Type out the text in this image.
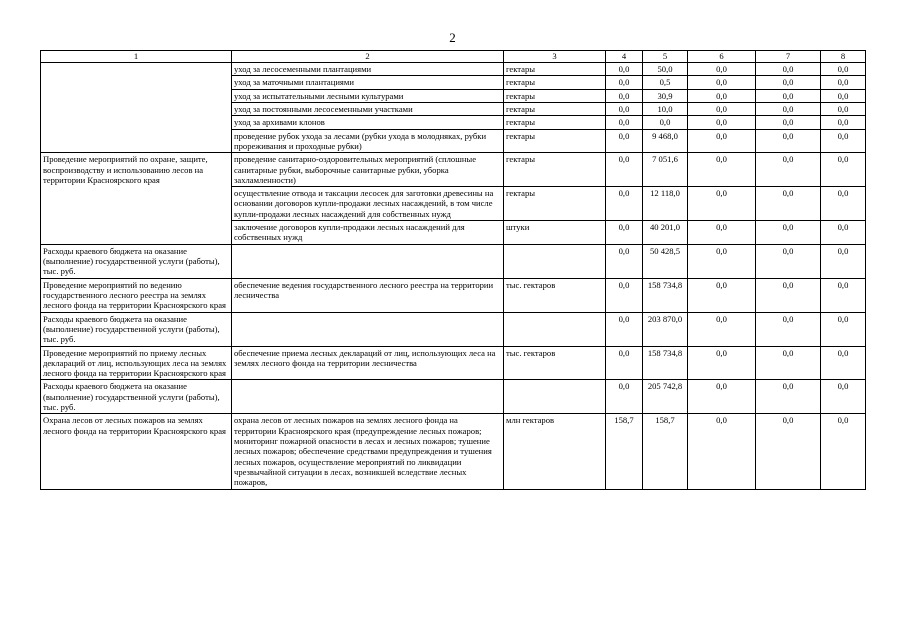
2
1	2	3	4	5	6	7	8
	уход за лесосеменными плантациями	гектары	0,0	50,0	0,0	0,0	0,0
	уход за маточными плантациями	гектары	0,0	0,5	0,0	0,0	0,0
	уход за испытательными лесными культурами	гектары	0,0	30,9	0,0	0,0	0,0
	уход за постоянными лесосеменными участками	гектары	0,0	10,0	0,0	0,0	0,0
	уход за архивами клонов	гектары	0,0	0,0	0,0	0,0	0,0
	проведение рубок ухода за лесами (рубки ухода в молодняках, рубки прореживания и проходные рубки)	гектары	0,0	9 468,0	0,0	0,0	0,0
Проведение мероприятий по охране, защите, воспроизводству и использованию лесов на территории Красноярского края	проведение санитарно-оздоровительных мероприятий (сплошные санитарные рубки, выборочные санитарные рубки, уборка захламленности)	гектары	0,0	7 051,6	0,0	0,0	0,0
	осуществление отвода и таксации лесосек для заготовки древесины на основании договоров купли-продажи лесных насаждений, в том числе купли-продажи лесных насаждений для собственных нужд	гектары	0,0	12 118,0	0,0	0,0	0,0
	заключение договоров купли-продажи лесных насаждений для собственных нужд	штуки	0,0	40 201,0	0,0	0,0	0,0
Расходы краевого бюджета на оказание (выполнение) государственной услуги (работы), тыс. руб.			0,0	50 428,5	0,0	0,0	0,0
Проведение мероприятий по ведению государственного лесного реестра на землях лесного фонда на территории Красноярского края	обеспечение ведения государственного лесного реестра на территории лесничества	тыс. гектаров	0,0	158 734,8	0,0	0,0	0,0
Расходы краевого бюджета на оказание (выполнение) государственной услуги (работы), тыс. руб.			0,0	203 870,0	0,0	0,0	0,0
Проведение мероприятий по приему лесных деклараций от лиц, использующих леса на землях лесного фонда на территории Красноярского края	обеспечение приема лесных деклараций от лиц, использующих леса на землях лесного фонда на территории лесничества	тыс. гектаров	0,0	158 734,8	0,0	0,0	0,0
Расходы краевого бюджета на оказание (выполнение) государственной услуги (работы), тыс. руб.			0,0	205 742,8	0,0	0,0	0,0
Охрана лесов от лесных пожаров на землях лесного фонда на территории Красноярского края	охрана лесов от лесных пожаров на землях лесного фонда на территории Красноярского края (предупреждение лесных пожаров; мониторинг пожарной опасности в лесах и лесных пожаров; тушение лесных пожаров; обеспечение средствами предупреждения и тушения лесных пожаров, осуществление мероприятий по ликвидации чрезвычайной ситуации в лесах, возникшей вследствие лесных пожаров,	млн гектаров	158,7	158,7	0,0	0,0	0,0
